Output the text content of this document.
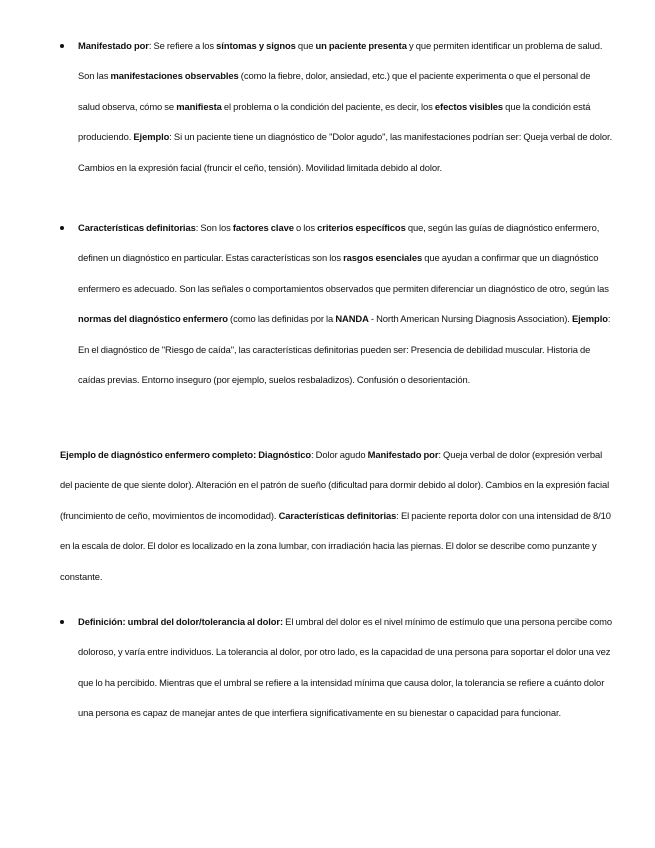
Manifestado por: Se refiere a los síntomas y signos que un paciente presenta y que permiten identificar un problema de salud. Son las manifestaciones observables (como la fiebre, dolor, ansiedad, etc.) que el paciente experimenta o que el personal de salud observa, cómo se manifiesta el problema o la condición del paciente, es decir, los efectos visibles que la condición está produciendo. Ejemplo: Si un paciente tiene un diagnóstico de "Dolor agudo", las manifestaciones podrían ser: Queja verbal de dolor. Cambios en la expresión facial (fruncir el ceño, tensión). Movilidad limitada debido al dolor.
Características definitorias: Son los factores clave o los criterios específicos que, según las guías de diagnóstico enfermero, definen un diagnóstico en particular. Estas características son los rasgos esenciales que ayudan a confirmar que un diagnóstico enfermero es adecuado. Son las señales o comportamientos observados que permiten diferenciar un diagnóstico de otro, según las normas del diagnóstico enfermero (como las definidas por la NANDA - North American Nursing Diagnosis Association). Ejemplo: En el diagnóstico de "Riesgo de caída", las características definitorias pueden ser: Presencia de debilidad muscular. Historia de caídas previas. Entorno inseguro (por ejemplo, suelos resbaladizos). Confusión o desorientación.
Ejemplo de diagnóstico enfermero completo: Diagnóstico: Dolor agudo Manifestado por: Queja verbal de dolor (expresión verbal del paciente de que siente dolor). Alteración en el patrón de sueño (dificultad para dormir debido al dolor). Cambios en la expresión facial (fruncimiento de ceño, movimientos de incomodidad). Características definitorias: El paciente reporta dolor con una intensidad de 8/10 en la escala de dolor. El dolor es localizado en la zona lumbar, con irradiación hacia las piernas. El dolor se describe como punzante y constante.
Definición: umbral del dolor/tolerancia al dolor: El umbral del dolor es el nivel mínimo de estímulo que una persona percibe como doloroso, y varía entre individuos. La tolerancia al dolor, por otro lado, es la capacidad de una persona para soportar el dolor una vez que lo ha percibido. Mientras que el umbral se refiere a la intensidad mínima que causa dolor, la tolerancia se refiere a cuánto dolor una persona es capaz de manejar antes de que interfiera significativamente en su bienestar o capacidad para funcionar.
